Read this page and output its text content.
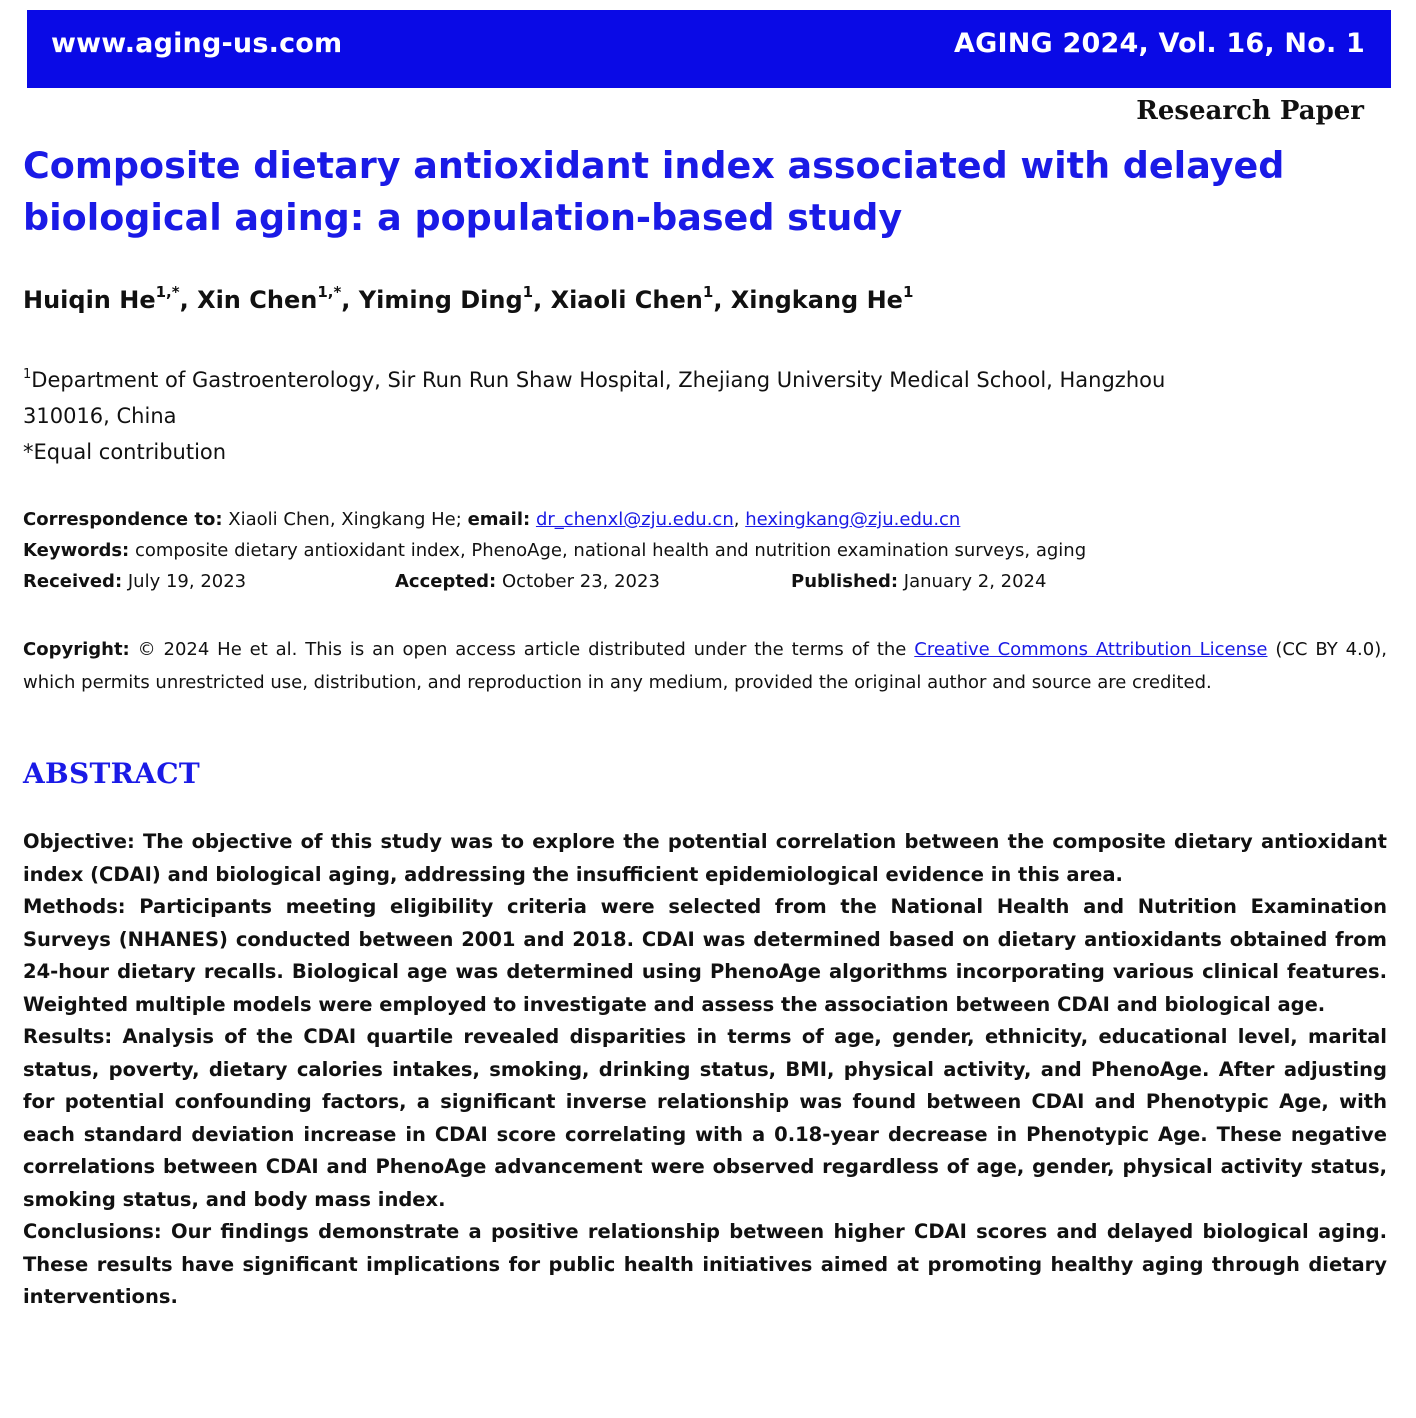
www.aging-us.com	AGING 2024, Vol. 16, No. 1
Research Paper
Composite dietary antioxidant index associated with delayed biological aging: a population-based study
Huiqin $He^{1,*}$, Xin Chen$^{1,*}$, Yiming Ding$^1$, Xiaoli Chen$^1$, Xingkang He$^1$
$^1$Department of Gastroenterology, Sir Run Run Shaw Hospital, Zhejiang University Medical School, Hangzhou
310016, China
*Equal contribution
Correspondence to: Xiaoli Chen, Xingkang He; email: dr_chenxl@zju.edu.cn, hexingkang@zju.edu.cn
Keywords: composite dietary antioxidant index, PhenoAge, national health and nutrition examination surveys, aging
Received: July 19, 2023	Accepted: October 23, 2023	Published: January 2, 2024
Copyright: © 2024 He et al. This is an open access article distributed under the terms of the Creative Commons Attribution License (CC BY 4.0), which permits unrestricted use, distribution, and reproduction in any medium, provided the original author and source are credited.
ABSTRACT

Objective: The objective of this study was to explore the potential correlation between the composite dietary antioxidant index (CDAI) and biological aging, addressing the insufficient epidemiological evidence in this area.

Methods: Participants meeting eligibility criteria were selected from the National Health and Nutrition Examination Surveys (NHANES) conducted between 2001 and 2018. CDAI was determined based on dietary antioxidants obtained from 24-hour dietary recalls. Biological age was determined using PhenoAge algorithms incorporating various clinical features. Weighted multiple models were employed to investigate and assess the association between CDAI and biological age.

Results: Analysis of the CDAI quartile revealed disparities in terms of age, gender, ethnicity, educational level, marital status, poverty, dietary calories intakes, smoking, drinking status, BMI, physical activity, and PhenoAge. After adjusting for potential confounding factors, a significant inverse relationship was found between CDAI and Phenotypic Age, with each standard deviation increase in CDAI score correlating with a 0.18-year decrease in Phenotypic Age. These negative correlations between CDAI and PhenoAge advancement were observed regardless of age, gender, physical activity status, smoking status, and body mass index.

Conclusions: Our findings demonstrate a positive relationship between higher CDAI scores and delayed biological aging. These results have significant implications for public health initiatives aimed at promoting healthy aging through dietary interventions.
